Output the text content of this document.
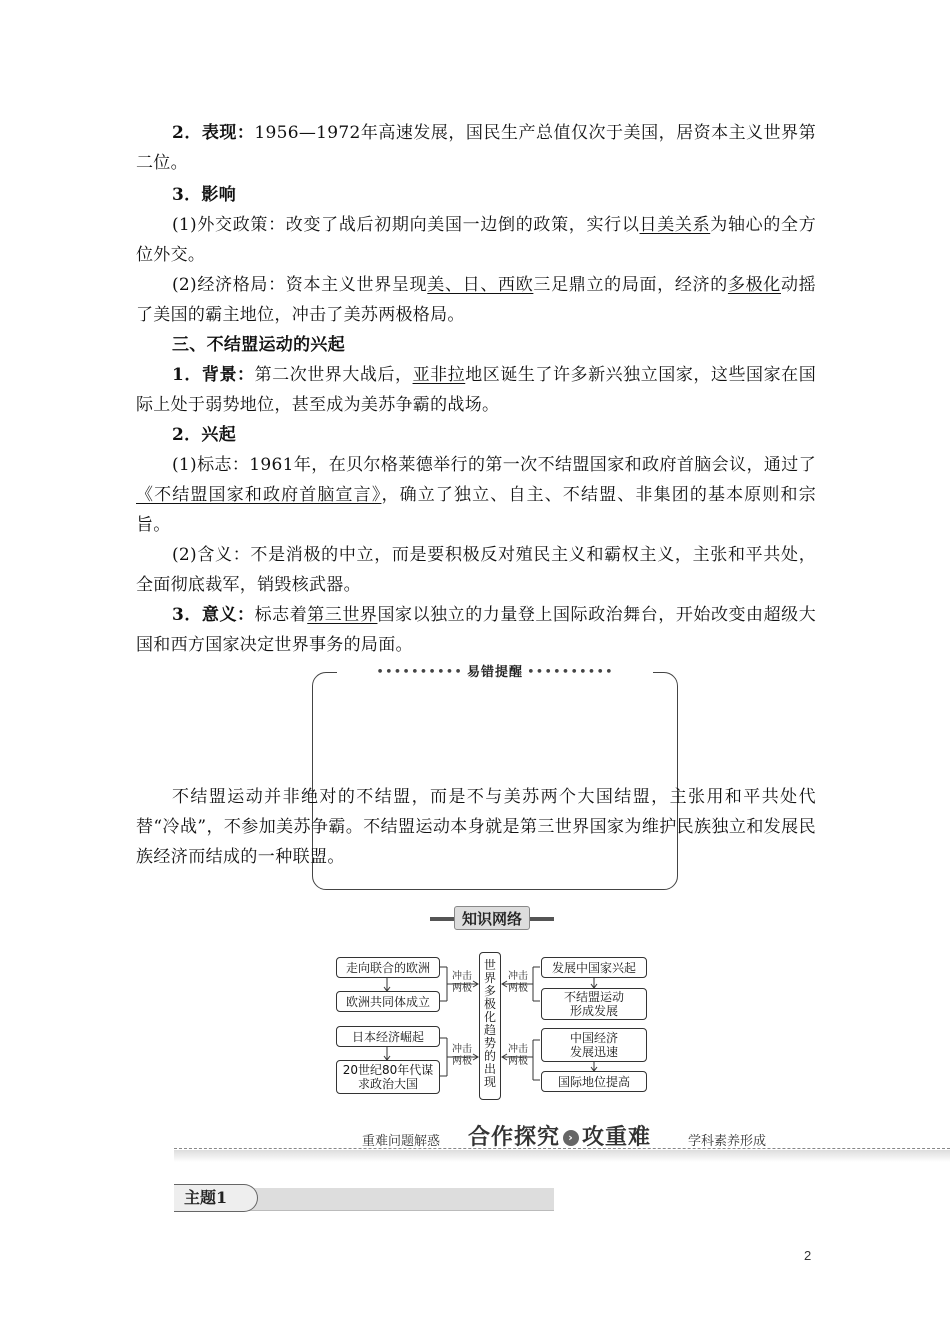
2．表现：1956—1972年高速发展，国民生产总值仅次于美国，居资本主义世界第二位。

3．影响

(1)外交政策：改变了战后初期向美国一边倒的政策，实行以日美关系为轴心的全方位外交。

(2)经济格局：资本主义世界呈现美、日、西欧三足鼎立的局面，经济的多极化动摇了美国的霸主地位，冲击了美苏两极格局。

三、不结盟运动的兴起

1．背景：第二次世界大战后，亚非拉地区诞生了许多新兴独立国家，这些国家在国际上处于弱势地位，甚至成为美苏争霸的战场。

2．兴起

(1)标志：1961年，在贝尔格莱德举行的第一次不结盟国家和政府首脑会议，通过了《不结盟国家和政府首脑宣言》，确立了独立、自主、不结盟、非集团的基本原则和宗旨。

(2)含义：不是消极的中立，而是要积极反对殖民主义和霸权主义，主张和平共处，全面彻底裁军，销毁核武器。

3．意义：标志着第三世界国家以独立的力量登上国际政治舞台，开始改变由超级大国和西方国家决定世界事务的局面。

•••••••••• 易错提醒 ••••••••••

不结盟运动并非绝对的不结盟，而是不与美苏两个大国结盟，主张用和平共处代替“冷战”，不参加美苏争霸。不结盟运动本身就是第三世界国家为维护民族独立和发展民族经济而结成的一种联盟。

知识网络
走向联合的欧洲
欧洲共同体成立
日本经济崛起
20世纪80年代谋求政治大国
冲击
两极
冲击
两极
世
界
多
极
化
趋
势
的
出
现
冲击
两极
冲击
两极
发展中国家兴起
不结盟运动形成发展
中国经济发展迅速
国际地位提高
重难问题解惑 合作探究 › 攻重难	学科素养形成
主题1
2
